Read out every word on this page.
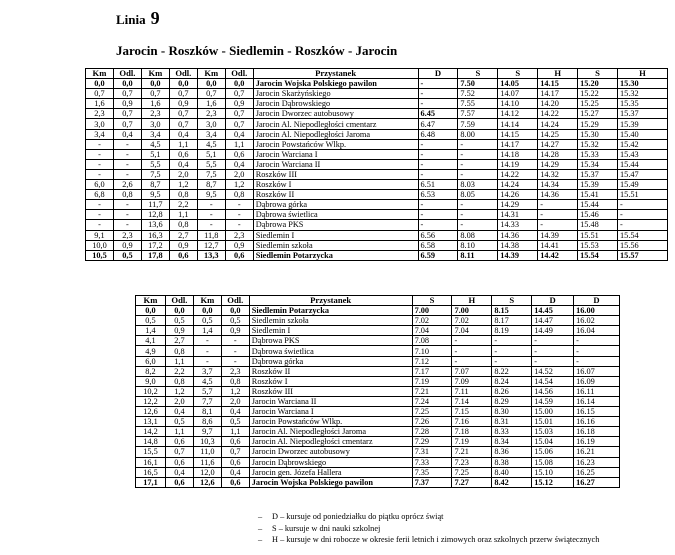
Linia 9
Jarocin - Roszków - Siedlemin - Roszków - Jarocin
Km	Odl.	Km	Odl.	Km	Odl.	Przystanek	D	S	S	H	S	H
0,0	0,0	0,0	0,0	0,0	0,0	Jarocin Wojska Polskiego pawilon	-	7.50	14.05	14.15	15.20	15.30
0,7	0,7	0,7	0,7	0,7	0,7	Jarocin Skarżyńskiego	-	7.52	14.07	14.17	15.22	15.32
1,6	0,9	1,6	0,9	1,6	0,9	Jarocin Dąbrowskiego	-	7.55	14.10	14.20	15.25	15.35
2,3	0,7	2,3	0,7	2,3	0,7	Jarocin Dworzec autobusowy	6.45	7.57	14.12	14.22	15.27	15.37
3,0	0,7	3,0	0,7	3,0	0,7	Jarocin Al. Niepodległości cmentarz	6.47	7.59	14.14	14.24	15.29	15.39
3,4	0,4	3,4	0,4	3,4	0,4	Jarocin Al. Niepodległości Jaroma	6.48	8.00	14.15	14.25	15.30	15.40
-	-	4,5	1,1	4,5	1,1	Jarocin Powstańców Wlkp.	-	-	14.17	14.27	15.32	15.42
-	-	5,1	0,6	5,1	0,6	Jarocin Warciana I	-	-	14.18	14.28	15.33	15.43
-	-	5,5	0,4	5,5	0,4	Jarocin Warciana II	-	-	14.19	14.29	15.34	15.44
-	-	7,5	2,0	7,5	2,0	Roszków III	-	-	14.22	14.32	15.37	15.47
6,0	2,6	8,7	1,2	8,7	1,2	Roszków I	6.51	8.03	14.24	14.34	15.39	15.49
6,8	0,8	9,5	0,8	9,5	0,8	Roszków II	6.53	8.05	14.26	14.36	15.41	15.51
-	-	11,7	2,2	-	-	Dąbrowa górka	-	-	14.29	-	15.44	-
-	-	12,8	1,1	-	-	Dąbrowa świetlica	-	-	14.31	-	15.46	-
-	-	13,6	0,8	-	-	Dąbrowa PKS	-	-	14.33	-	15.48	-
9,1	2,3	16,3	2,7	11,8	2,3	Siedlemin I	6.56	8.08	14.36	14.39	15.51	15.54
10,0	0,9	17,2	0,9	12,7	0,9	Siedlemin szkoła	6.58	8.10	14.38	14.41	15.53	15.56
10,5	0,5	17,8	0,6	13,3	0,6	Siedlemin Potarzycka	6.59	8.11	14.39	14.42	15.54	15.57
Km	Odl.	Km	Odl.	Przystanek	S	H	S	D	D
0,0	0,0	0,0	0,0	Siedlemin Potarzycka	7.00	7.00	8.15	14.45	16.00
0,5	0,5	0,5	0,5	Siedlemin szkoła	7.02	7.02	8.17	14.47	16.02
1,4	0,9	1,4	0,9	Siedlemin I	7.04	7.04	8.19	14.49	16.04
4,1	2,7	-	-	Dąbrowa PKS	7.08	-	-	-	-
4,9	0,8	-	-	Dąbrowa świetlica	7.10	-	-	-	-
6,0	1,1	-	-	Dąbrowa górka	7.12	-	-	-	-
8,2	2,2	3,7	2,3	Roszków II	7.17	7.07	8.22	14.52	16.07
9,0	0,8	4,5	0,8	Roszków I	7.19	7.09	8.24	14.54	16.09
10,2	1,2	5,7	1,2	Roszków III	7.21	7.11	8.26	14.56	16.11
12,2	2,0	7,7	2,0	Jarocin Warciana II	7.24	7.14	8.29	14.59	16.14
12,6	0,4	8,1	0,4	Jarocin Warciana I	7.25	7.15	8.30	15.00	16.15
13,1	0,5	8,6	0,5	Jarocin Powstańców Wlkp.	7.26	7.16	8.31	15.01	16.16
14,2	1,1	9,7	1,1	Jarocin Al. Niepodległości Jaroma	7.28	7.18	8.33	15.03	16.18
14,8	0,6	10,3	0,6	Jarocin Al. Niepodległości cmentarz	7.29	7.19	8.34	15.04	16.19
15,5	0,7	11,0	0,7	Jarocin Dworzec autobusowy	7.31	7.21	8.36	15.06	16.21
16,1	0,6	11,6	0,6	Jarocin Dąbrowskiego	7.33	7.23	8.38	15.08	16.23
16,5	0,4	12,0	0,4	Jarocin gen. Józefa Hallera	7.35	7.25	8.40	15.10	16.25
17,1	0,6	12,6	0,6	Jarocin Wojska Polskiego pawilon	7.37	7.27	8.42	15.12	16.27
– D – kursuje od poniedziałku do piątku oprócz świąt
– S – kursuje w dni nauki szkolnej
– H – kursuje w dni robocze w okresie ferii letnich i zimowych oraz szkolnych przerw świątecznych
